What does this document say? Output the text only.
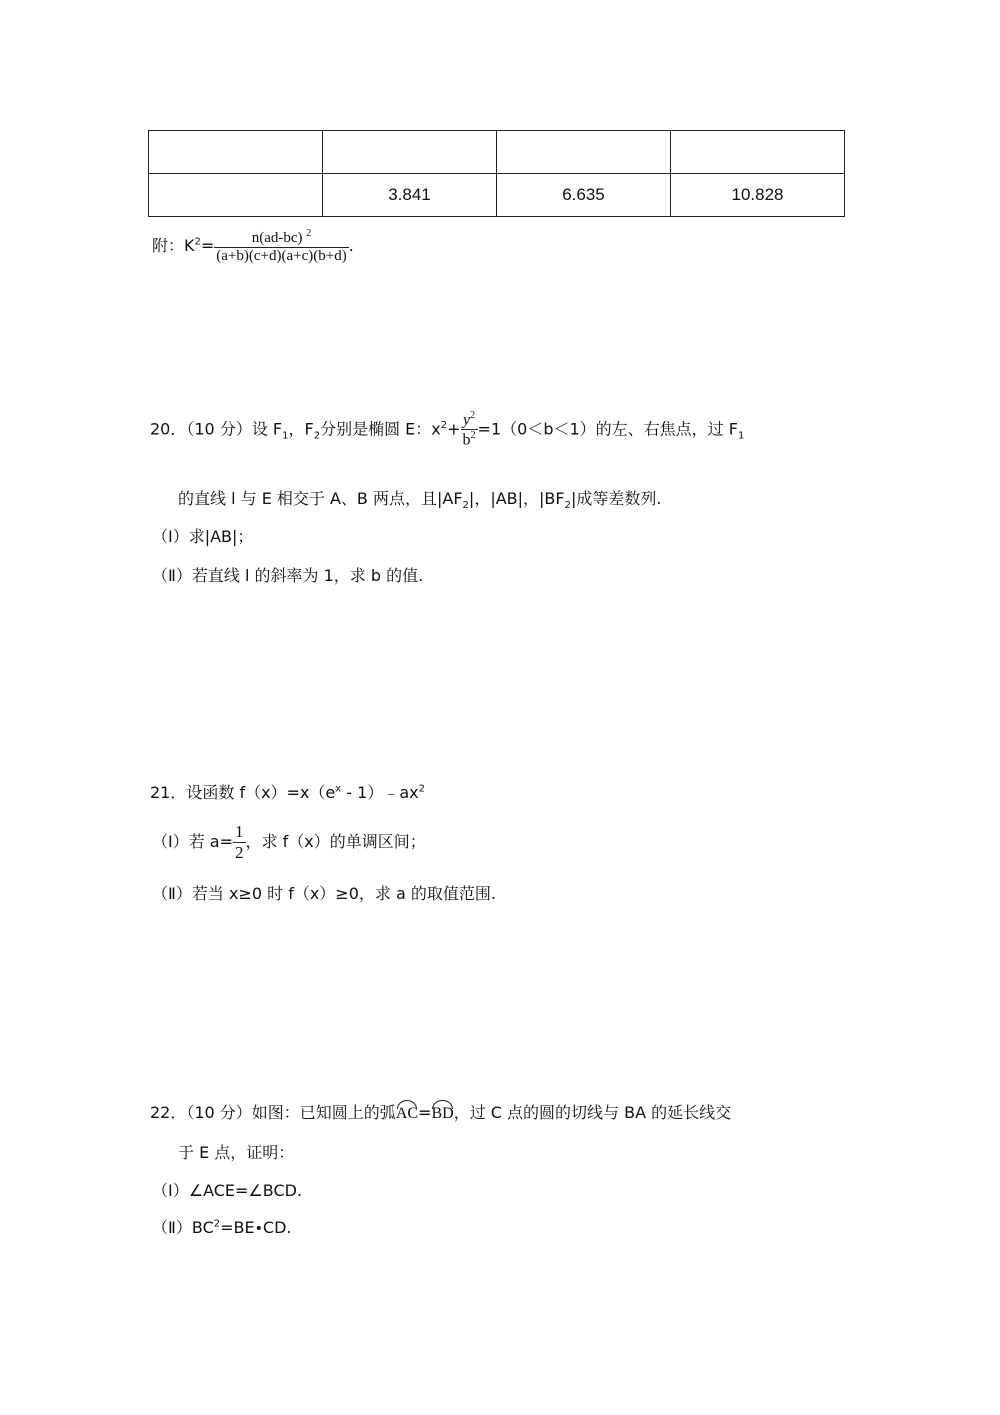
	3.841	6.635	10.828
附：$K^2= \frac{n(ad-bc) ^2}{(a+b)(c+d)(a+c)(b+d)}$ .
20．（10 分）设 $F_1$，$F_2$分别是椭圆 E：$x^2+ \frac{y^2}{b^2} =1(0<b<1)$的左、右焦点，过 $F_1$
的直线 l 与 E 相交于 A、B 两点，且$|AF_2|$，|AB|，$|BF_2|$成等差数列.
（Ⅰ）求|AB|；
（Ⅱ）若直线 l 的斜率为 1，求 b 的值.
21．设函数 $f(x)=x(e^x$ - $1)﹣ax^2$
（Ⅰ）若 $a= \frac{1}{2}$ ，求 f（x）的单调区间；
（Ⅱ）若当 x≥0 时 f（x）≥0，求 a 的取值范围.
22．（10 分）如图：已知圆上的弧AC=BD，过 C 点的圆的切线与 BA 的延长线交
于 E 点，证明：
（Ⅰ）∠ACE=∠BCD.
$(Ⅱ)BC^2=BE•CD$.
